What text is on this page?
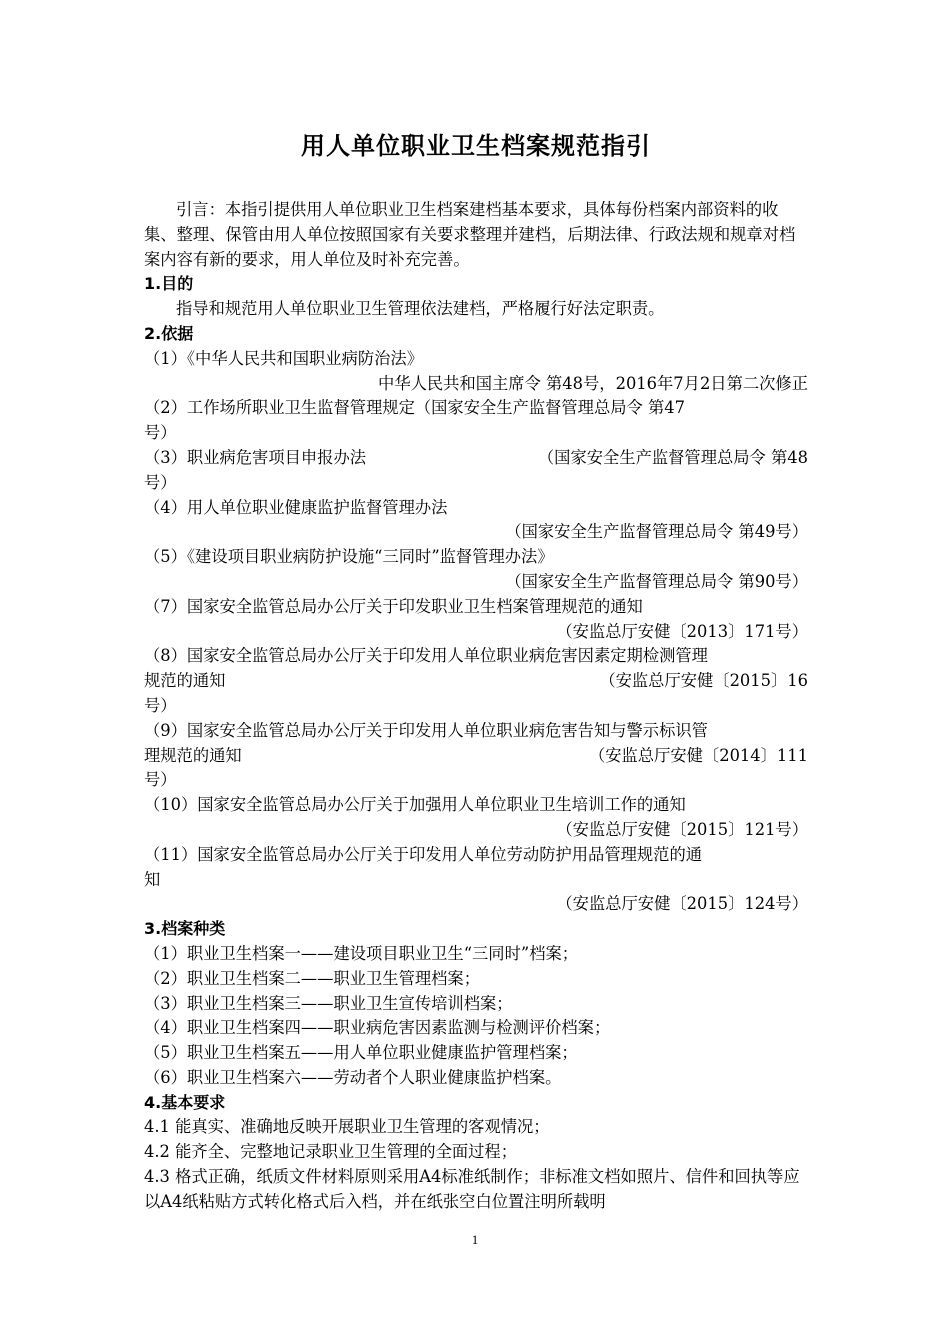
用人单位职业卫生档案规范指引

引言：本指引提供用人单位职业卫生档案建档基本要求，具体每份档案内部资料的收集、整理、保管由用人单位按照国家有关要求整理并建档，后期法律、行政法规和规章对档案内容有新的要求，用人单位及时补充完善。

1.目的

指导和规范用人单位职业卫生管理依法建档，严格履行好法定职责。

2.依据
（1）《中华人民共和国职业病防治法》
中华人民共和国主席令 第48号，2016年7月2日第二次修正
（2）工作场所职业卫生监督管理规定（国家安全生产监督管理总局令 第47
号）
（3）职业病危害项目申报办法	（国家安全生产监督管理总局令 第48
号）
（4）用人单位职业健康监护监督管理办法
（国家安全生产监督管理总局令 第49号）
（5）《建设项目职业病防护设施“三同时”监督管理办法》
（国家安全生产监督管理总局令 第90号）
（7）国家安全监管总局办公厅关于印发职业卫生档案管理规范的通知
（安监总厅安健〔2013〕171号）
（8）国家安全监管总局办公厅关于印发用人单位职业病危害因素定期检测管理
规范的通知	（安监总厅安健〔2015〕16
号）
（9）国家安全监管总局办公厅关于印发用人单位职业病危害告知与警示标识管
理规范的通知	（安监总厅安健〔2014〕111
号）
（10）国家安全监管总局办公厅关于加强用人单位职业卫生培训工作的通知
（安监总厅安健〔2015〕121号）
（11）国家安全监管总局办公厅关于印发用人单位劳动防护用品管理规范的通
知
（安监总厅安健〔2015〕124号）
3.档案种类
（1）职业卫生档案一——建设项目职业卫生“三同时”档案；
（2）职业卫生档案二——职业卫生管理档案；
（3）职业卫生档案三——职业卫生宣传培训档案；
（4）职业卫生档案四——职业病危害因素监测与检测评价档案；
（5）职业卫生档案五——用人单位职业健康监护管理档案；
（6）职业卫生档案六——劳动者个人职业健康监护档案。
4.基本要求
4.1 能真实、准确地反映开展职业卫生管理的客观情况；
4.2 能齐全、完整地记录职业卫生管理的全面过程；

4.3 格式正确，纸质文件材料原则采用A4标准纸制作；非标准文档如照片、信件和回执等应以A4纸粘贴方式转化格式后入档，并在纸张空白位置注明所载明

1
